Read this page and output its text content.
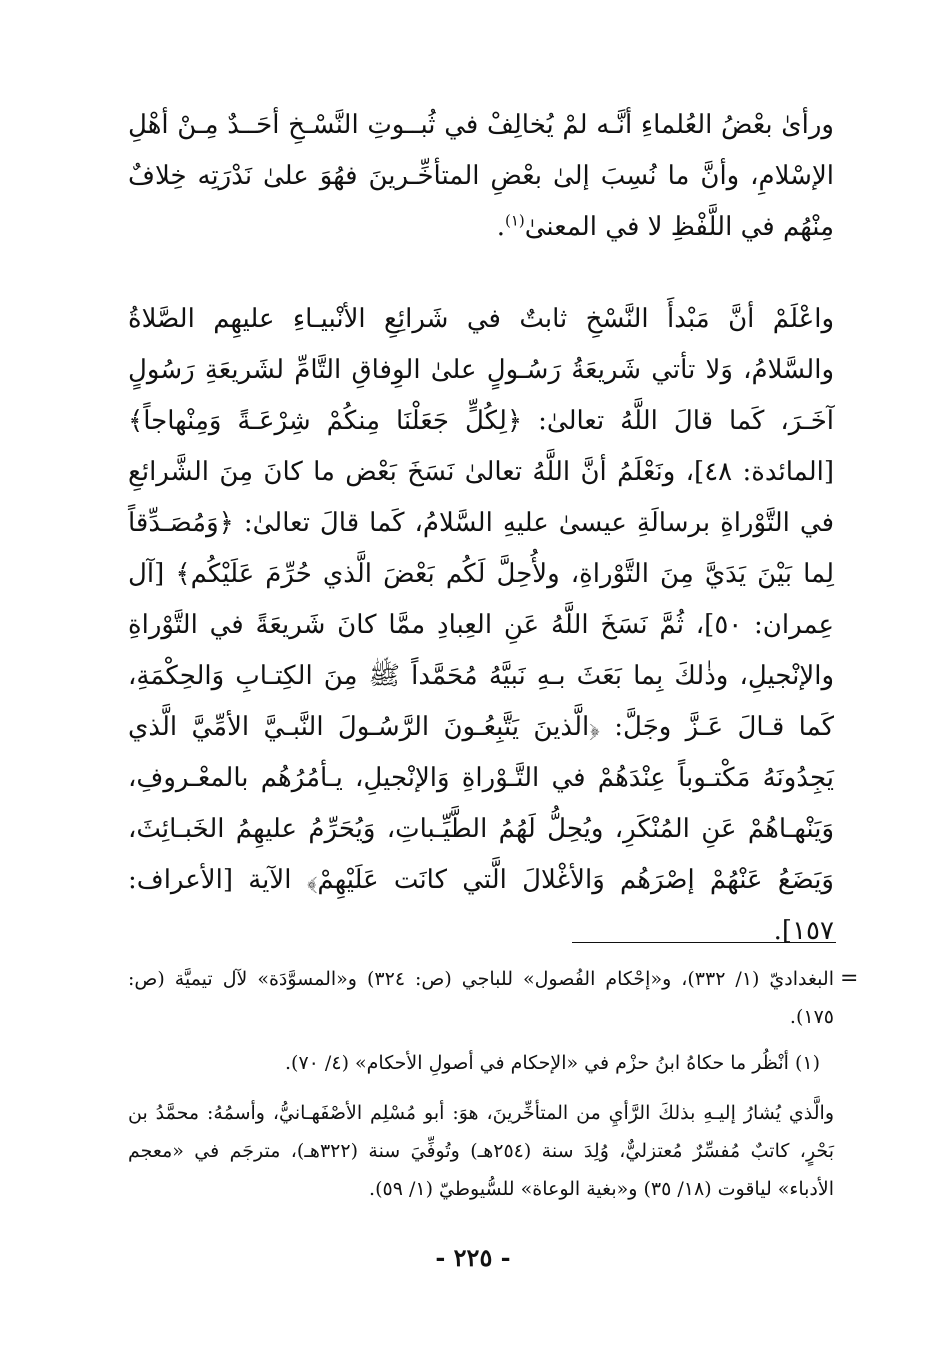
ورأىٰ بعْضُ العُلماءِ أنَّـه لمْ يُخالِفْ في ثُبــوتِ النَّسْـخِ أحَــدٌ مِـنْ أهْلِ الإسْلامِ، وأنَّ ما نُسِبَ إلىٰ بعْضِ المتأخِّـرينَ فهُوَ علىٰ نَدْرَتِه خِلافٌ مِنْهُم في اللَّفْظِ لا في المعنىٰ$^{(١)}$.

واعْلَمْ أنَّ مَبْدأَ النَّسْخِ ثابتٌ في شَرائِعِ الأنْبيـاءِ عليهِم الصَّلاةُ والسَّلامُ، وَلا تأتي شَريعَةُ رَسُـولٍ علىٰ الوِفاقِ التَّامِّ لشَريعَةِ رَسُولٍ آخَـرَ، كَما قالَ اللَّهُ تعالىٰ: ﴿لِكُلٍّ جَعَلْنَا مِنكُمْ شِرْعَـةً وَمِنْهاجاً﴾ [المائدة: ٤٨]، ونَعْلَمُ أنَّ اللَّهُ تعالىٰ نَسَخَ بَعْض ما كانَ مِنَ الشَّرائعِ في التَّوْراةِ برسالَةِ عيسىٰ عليهِ السَّلامُ، كَما قالَ تعالىٰ: ﴿وَمُصَـدِّقاً لِما بَيْنَ يَدَيَّ مِنَ التَّوْراةِ، ولأُحِلَّ لَكُم بَعْضَ الَّذي حُرِّمَ عَلَيْكُم﴾ [آل عِمران: ٥٠]، ثُمَّ نَسَخَ اللَّهُ عَنِ العِبادِ ممَّا كانَ شَريعَةً في التَّوْراةِ والإنْجيلِ، وذٰلكَ بِما بَعَثَ بـهِ نَبيَّهُ مُحَمَّداً ﷺ مِنَ الكِتـابِ وَالحِكْمَةِ، كَما قـالَ عَـزَّ وجَلَّ: ﴿الَّذينَ يَتَّبِعُـونَ الرَّسُـولَ النَّبـيَّ الأمِّيَّ الَّذي يَجِدُونَهُ مَكْتـوباً عِنْدَهُمْ في التَّـوْراةِ وَالإنْجيلِ، يـأمُرُهُم بالمعْـروفِ، وَيَنْهـاهُمْ عَنِ المُنْكَرِ، ويُحِلُّ لَهُمُ الطَّيِّـباتِ، وَيُحَرِّمُ عليهِمُ الخَبـائِثَ، وَيَضَعُ عَنْهُمْ إصْرَهُم وَالأغْلالَ الَّتي كانَت عَلَيْهِمْ﴾ الآية [الأعراف: ١٥٧].

=

البغداديّ (١/ ٣٣٢)، و«إحْكام الفُصول» للباجي (ص: ٣٢٤) و«المسوَّدَة» لآل تيميَّة (ص: ١٧٥).

(١) أنْظُر ما حكاهُ ابنُ حزْم في «الإحكام في أصولِ الأحكام» (٤/ ٧٠).

والَّذي يُشارُ إليـهِ بذلكَ الرَّأيِ من المتأخِّرينَ، هوَ: أبو مُسْلِم الأصْفَهـانيُّ، وأسمُهُ: محمَّدُ بن بَحْرٍ، كاتبٌ مُفسِّرٌ مُعتزليٌّ، وُلِدَ سنة (٢٥٤هـ) وتُوفِّيَ سنة (٣٢٢هـ)، مترجَم في «معجم الأدباء» لياقوت (١٨/ ٣٥) و«بغية الوعاة» للسُّيوطيّ (١/ ٥٩).

- ٢٢٥ -
